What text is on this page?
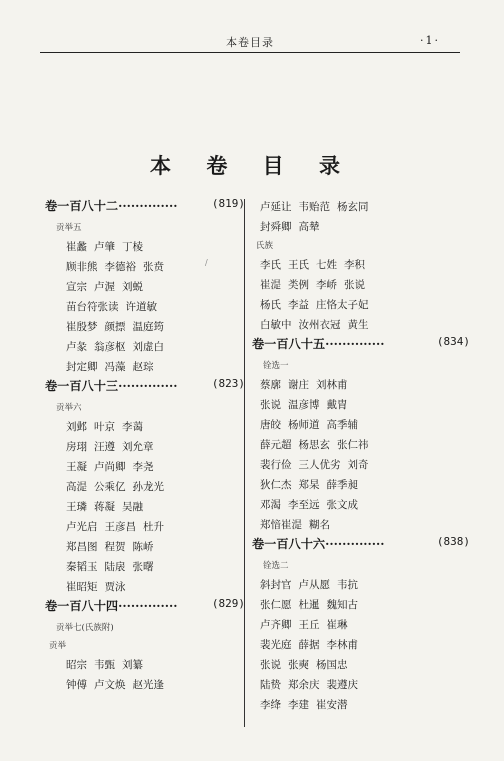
本卷目录	·1·
本 卷 目 录
卷一百八十二··············	(819)
贡举五
崔蠡 卢肇 丁棱
顾非熊 李德裕 张贲
宣宗 卢渥 刘蜕
苗台符张读 许道敏
崔殷梦 颜摽 温庭筠
卢彖 翁彦枢 刘虚白
封定卿 冯藻 赵琮
卷一百八十三··············	(823)
贡举六
刘邺 叶京 李蔼
房珝 汪遵 刘允章
王凝 卢尚卿 李尧
高湜 公乘亿 孙龙光
王璘 蒋凝 吴融
卢光启 王彦昌 杜升
郑昌图 程贺 陈峤
秦韬玉 陆扆 张曙
崔昭矩 贾泳
卷一百八十四··············	(829)
贡举七(氏族附)
贡举
昭宗 韦甄 刘纂
钟傅 卢文焕 赵光逢
卢延让 韦贻范 杨玄同
封舜卿 高辇
氏族
李氏 王氏 七姓 李积
崔湜 类例 李峤 张说
杨氏 李益 庄恪太子妃
白敏中 汝州衣冠 黄生
卷一百八十五··············	(834)
铨选一
蔡廓 谢庄 刘林甫
张说 温彦博 戴胄
唐皎 杨师道 高季辅
薛元超 杨思玄 张仁祎
裴行俭 三人优劣 刘奇
狄仁杰 郑杲 薛季昶
邓渴 李至远 张文成
郑愔崔湜 糊名
卷一百八十六··············	(838)
铨选二
斜封官 卢从愿 韦抗
张仁愿 杜暹 魏知古
卢齐卿 王丘 崔琳
裴光庭 薛据 李林甫
张说 张奭 杨国忠
陆贽 郑余庆 裴遵庆
李绛 李建 崔安潜
/
